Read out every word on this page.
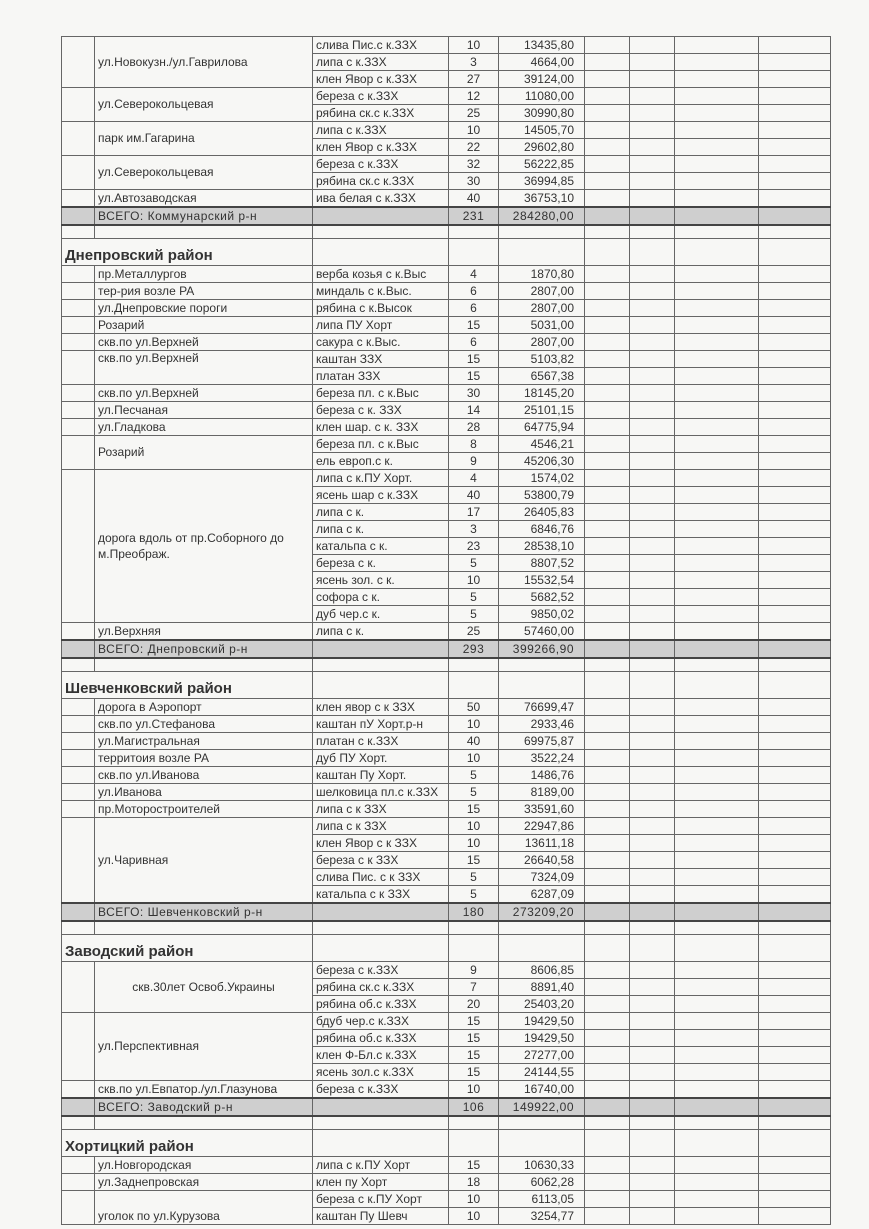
	ул.Новокузн./ул.Гаврилова	слива Пис.с к.ЗЗХ	10	13435,80				
		липа с к.ЗЗХ	3	4664,00				
		клен Явор с к.ЗЗХ	27	39124,00				
	ул.Северокольцевая	береза с к.ЗЗХ	12	11080,00				
		рябина ск.с к.ЗЗХ	25	30990,80				
	парк им.Гагарина	липа с к.ЗЗХ	10	14505,70				
		клен Явор с к.ЗЗХ	22	29602,80				
	ул.Северокольцевая	береза с к.ЗЗХ	32	56222,85				
		рябина ск.с к.ЗЗХ	30	36994,85				
	ул.Автозаводская	ива белая с к.ЗЗХ	40	36753,10				
	ВСЕГО: Коммунарский р-н		231	284280,00				

Днепровский район								
	пр.Металлургов	верба козья с к.Выс	4	1870,80				
	тер-рия возле РА	миндаль с к.Выс.	6	2807,00				
	ул.Днепровские пороги	рябина с к.Высок	6	2807,00				
	Розарий	липа ПУ Хорт	15	5031,00				
	скв.по ул.Верхней	сакура с к.Выс.	6	2807,00				
	скв.по ул.Верхней	каштан ЗЗХ	15	5103,82				
		платан ЗЗХ	15	6567,38				
	скв.по ул.Верхней	береза пл. с к.Выс	30	18145,20				
	ул.Песчаная	береза с к. ЗЗХ	14	25101,15				
	ул.Гладкова	клен шар. с к. ЗЗХ	28	64775,94				
	Розарий	береза пл. с к.Выс	8	4546,21				
		ель европ.с к.	9	45206,30				
	дорога вдоль от пр.Соборного до м.Преображ.	липа с к.ПУ Хорт.	4	1574,02				
		ясень шар с к.ЗЗХ	40	53800,79				
		липа с к.	17	26405,83				
		липа с к.	3	6846,76				
		катальпа с к.	23	28538,10				
		береза с к.	5	8807,52				
		ясень зол. с к.	10	15532,54				
		софора с к.	5	5682,52				
		дуб чер.с к.	5	9850,02				
	ул.Верхняя	липа с к.	25	57460,00				
	ВСЕГО: Днепровский р-н		293	399266,90				

Шевченковский район								
	дорога в Аэропорт	клен явор с к ЗЗХ	50	76699,47				
	скв.по ул.Стефанова	каштан пУ Хорт.р-н	10	2933,46				
	ул.Магистральная	платан с к.ЗЗХ	40	69975,87				
	территоия возле РА	дуб ПУ Хорт.	10	3522,24				
	скв.по ул.Иванова	каштан Пу Хорт.	5	1486,76				
	ул.Иванова	шелковица пл.с к.ЗЗХ	5	8189,00				
	пр.Моторостроителей	липа с к ЗЗХ	15	33591,60				
	ул.Чаривная	липа с к ЗЗХ	10	22947,86				
		клен Явор с к ЗЗХ	10	13611,18				
		береза с к ЗЗХ	15	26640,58				
		слива Пис. с к ЗЗХ	5	7324,09				
		катальпа с к ЗЗХ	5	6287,09				
	ВСЕГО: Шевченковский р-н		180	273209,20				

Заводский район								
	скв.30лет Освоб.Украины	береза с к.ЗЗХ	9	8606,85				
		рябина ск.с к.ЗЗХ	7	8891,40				
		рябина об.с к.ЗЗХ	20	25403,20				
	ул.Перспективная	бдуб чер.с к.ЗЗХ	15	19429,50				
		рябина об.с к.ЗЗХ	15	19429,50				
		клен Ф-Бл.с к.ЗЗХ	15	27277,00				
		ясень зол.с к.ЗЗХ	15	24144,55				
	скв.по ул.Евпатор./ул.Глазунова	береза с к.ЗЗХ	10	16740,00				
	ВСЕГО: Заводский р-н		106	149922,00				

Хортицкий район								
	ул.Новгородская	липа с к.ПУ Хорт	15	10630,33				
	ул.Заднепровская	клен пу Хорт	18	6062,28				
	уголок по ул.Курузова	береза с к.ПУ Хорт	10	6113,05				
		каштан Пу Шевч	10	3254,77				
